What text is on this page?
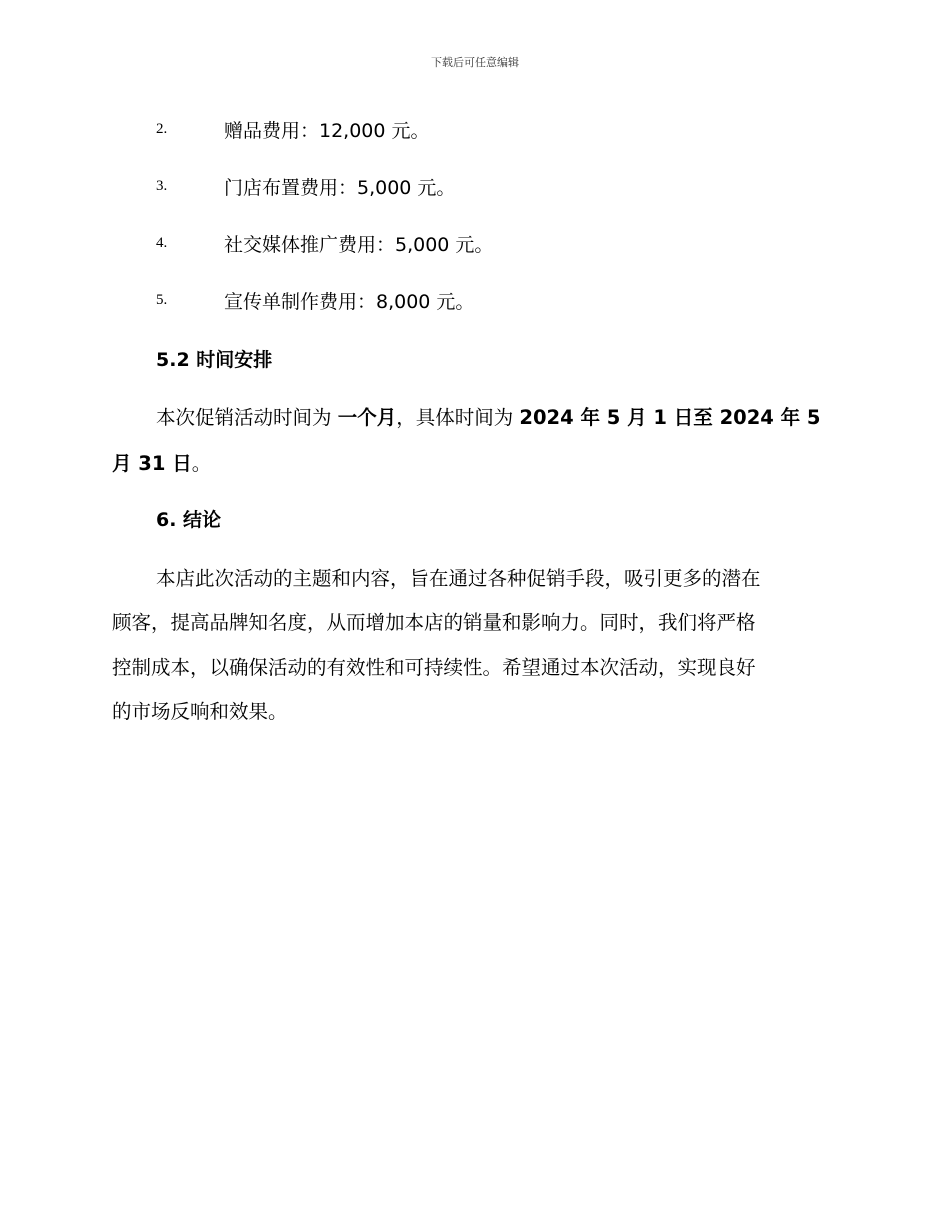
下载后可任意编辑
2.	赠品费用：12,000 元。
3.	门店布置费用：5,000 元。
4.	社交媒体推广费用：5,000 元。
5.	宣传单制作费用：8,000 元。
5.2 时间安排
本次促销活动时间为 一个月，具体时间为 2024 年 5 月 1 日至 2024 年 5
月 31 日。
6. 结论
本店此次活动的主题和内容，旨在通过各种促销手段，吸引更多的潜在
顾客，提高品牌知名度，从而增加本店的销量和影响力。同时，我们将严格
控制成本，以确保活动的有效性和可持续性。希望通过本次活动，实现良好
的市场反响和效果。
